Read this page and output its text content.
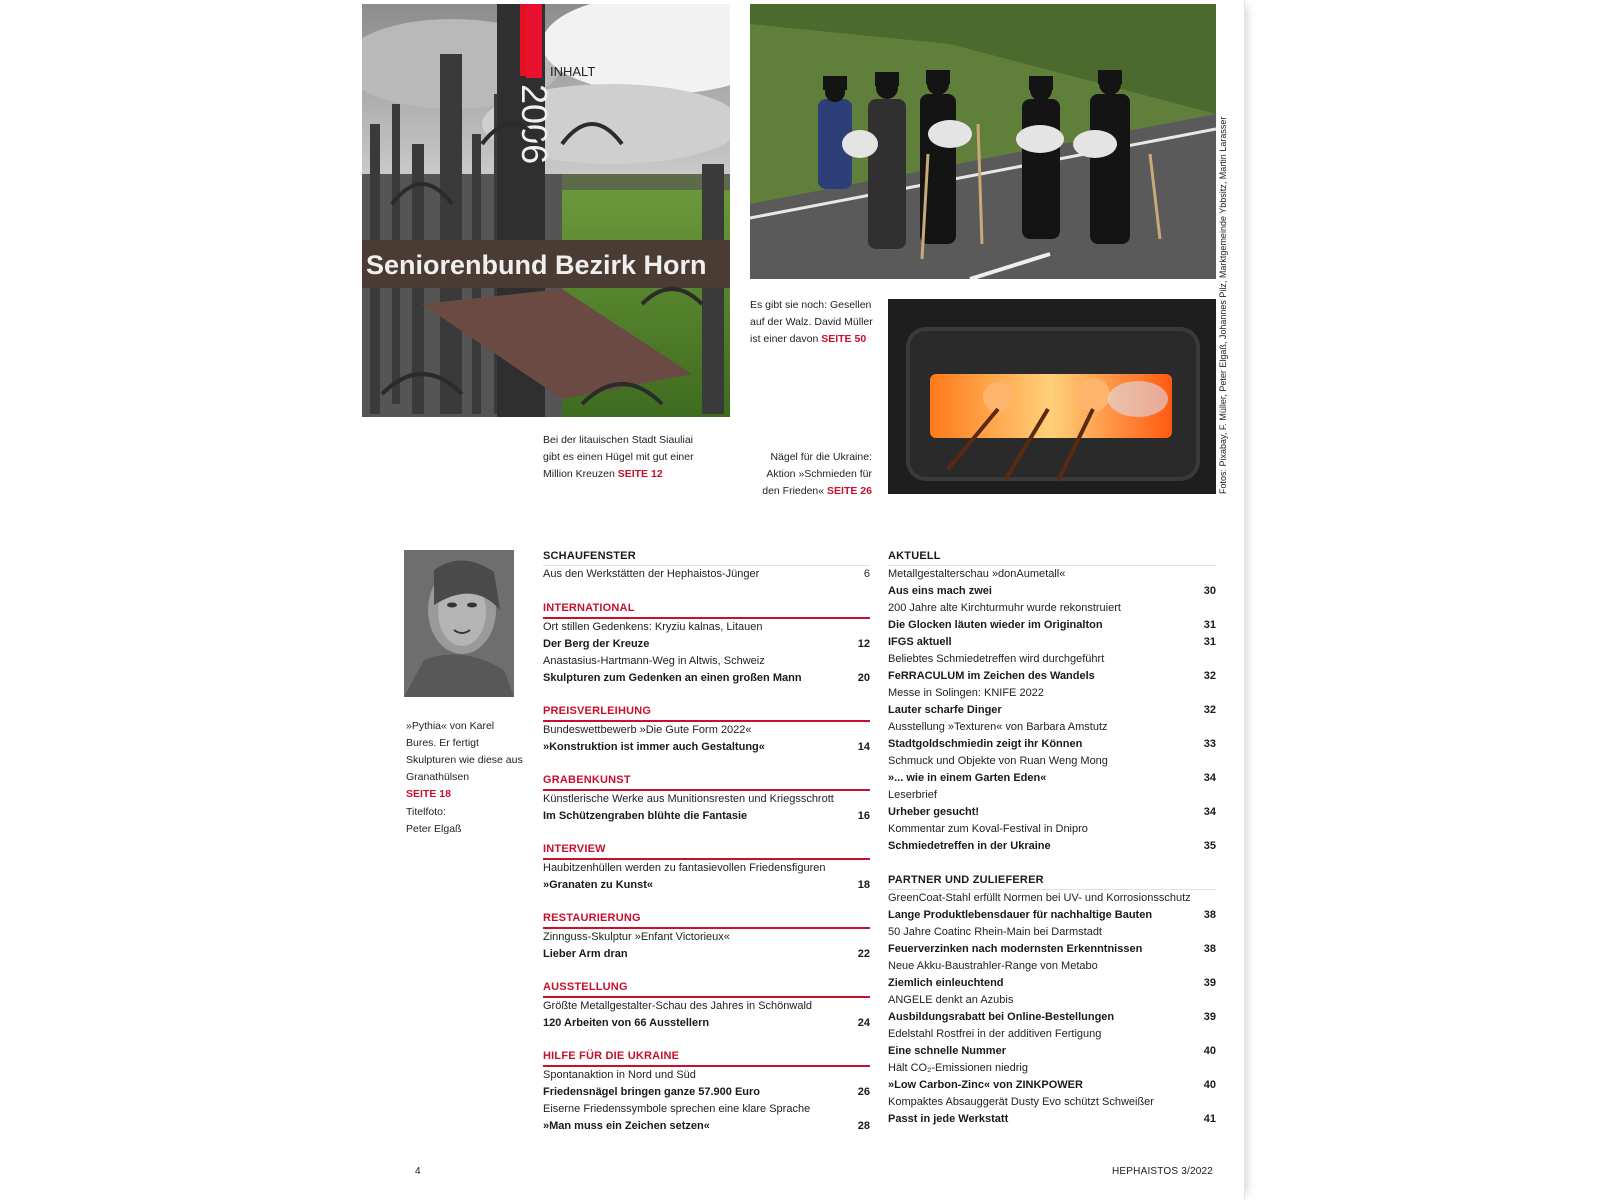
2006
Seniorenbund Bezirk Horn
INHALT
Bei der litauischen Stadt Siauliai gibt es einen Hügel mit gut einer Million Kreuzen SEITE 12
Es gibt sie noch: Gesellen auf der Walz. David Müller ist einer davon SEITE 50
Nägel für die Ukraine: Aktion »Schmieden für den Frieden« SEITE 26	Fotos: Pixabay, F. Müller, Peter Elgaß, Johannes Pilz, Marktgemeinde Ybbsitz, Martin Larasser
»Pythia« von Karel Bures. Er fertigt Skulpturen wie diese aus Granathülsen
SEITE 18
Titelfoto:
Peter Elgaß
SCHAUFENSTER
Aus den Werkstätten der Hephaistos-Jünger	6
INTERNATIONAL
Ort stillen Gedenkens: Kryziu kalnas, Litauen
Der Berg der Kreuze	12
Anastasius-Hartmann-Weg in Altwis, Schweiz
Skulpturen zum Gedenken an einen großen Mann	20
PREISVERLEIHUNG
Bundeswettbewerb »Die Gute Form 2022«
»Konstruktion ist immer auch Gestaltung«	14
GRABENKUNST
Künstlerische Werke aus Munitionsresten und Kriegsschrott
Im Schützengraben blühte die Fantasie	16
INTERVIEW
Haubitzenhüllen werden zu fantasievollen Friedensfiguren
»Granaten zu Kunst«	18
RESTAURIERUNG
Zinnguss-Skulptur »Enfant Victorieux«
Lieber Arm dran	22
AUSSTELLUNG
Größte Metallgestalter-Schau des Jahres in Schönwald
120 Arbeiten von 66 Ausstellern	24
HILFE FÜR DIE UKRAINE
Spontanaktion in Nord und Süd
Friedensnägel bringen ganze 57.900 Euro	26
Eiserne Friedenssymbole sprechen eine klare Sprache
»Man muss ein Zeichen setzen«	28
AKTUELL
Metallgestalterschau »donAumetall«
Aus eins mach zwei	30
200 Jahre alte Kirchturmuhr wurde rekonstruiert
Die Glocken läuten wieder im Originalton	31
IFGS aktuell	31
Beliebtes Schmiedetreffen wird durchgeführt
FeRRACULUM im Zeichen des Wandels	32
Messe in Solingen: KNIFE 2022
Lauter scharfe Dinger	32
Ausstellung »Texturen« von Barbara Amstutz
Stadtgoldschmiedin zeigt ihr Können	33
Schmuck und Objekte von Ruan Weng Mong
»... wie in einem Garten Eden«	34
Leserbrief
Urheber gesucht!	34
Kommentar zum Koval-Festival in Dnipro
Schmiedetreffen in der Ukraine	35
PARTNER UND ZULIEFERER
GreenCoat-Stahl erfüllt Normen bei UV- und Korrosionsschutz
Lange Produktlebensdauer für nachhaltige Bauten	38
50 Jahre Coatinc Rhein-Main bei Darmstadt
Feuerverzinken nach modernsten Erkenntnissen	38
Neue Akku-Baustrahler-Range von Metabo
Ziemlich einleuchtend	39
ANGELE denkt an Azubis
Ausbildungsrabatt bei Online-Bestellungen	39
Edelstahl Rostfrei in der additiven Fertigung
Eine schnelle Nummer	40
Hält CO₂-Emissionen niedrig
»Low Carbon-Zinc« von ZINKPOWER	40
Kompaktes Absauggerät Dusty Evo schützt Schweißer
Passt in jede Werkstatt	41
4	HEPHAISTOS 3/2022
